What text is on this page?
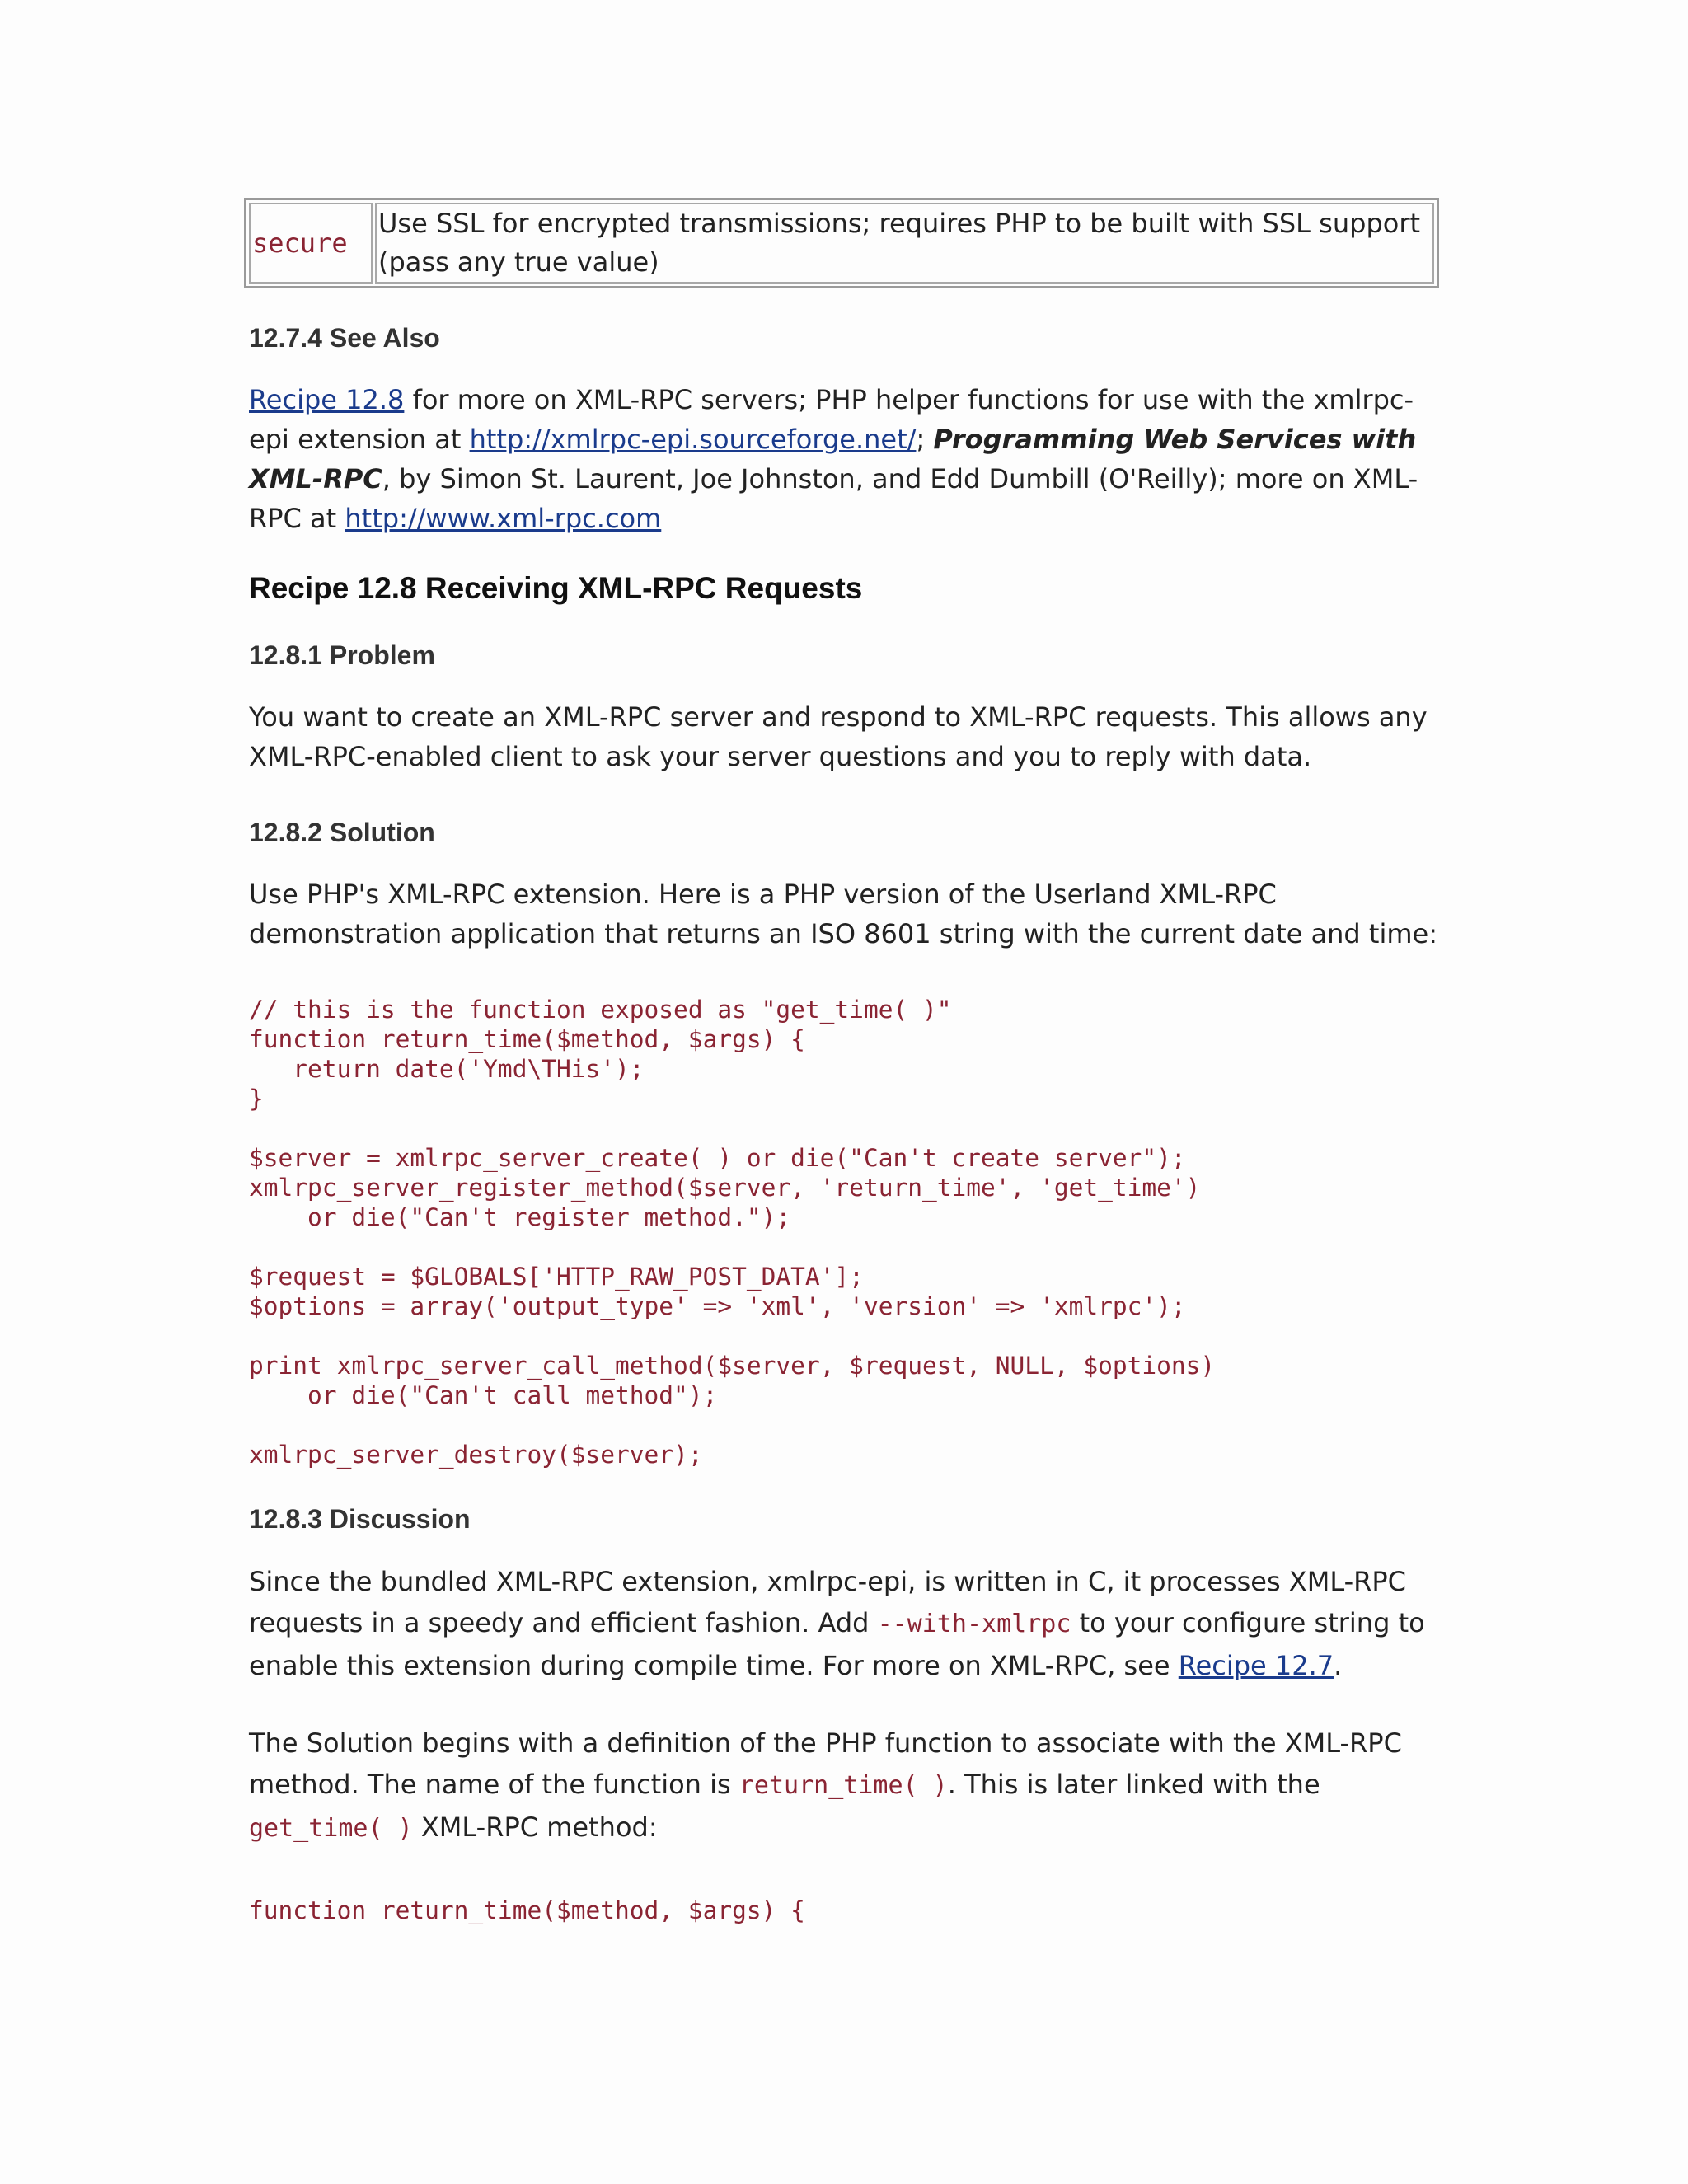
secure	Use SSL for encrypted transmissions; requires PHP to be built with SSL support
(pass any true value)
12.7.4 See Also

Recipe 12.8 for more on XML-RPC servers; PHP helper functions for use with the xmlrpc-epi extension at http://xmlrpc-epi.sourceforge.net/; Programming Web Services with XML-RPC, by Simon St. Laurent, Joe Johnston, and Edd Dumbill (O'Reilly); more on XML-RPC at http://www.xml-rpc.com

Recipe 12.8 Receiving XML-RPC Requests
12.8.1 Problem

You want to create an XML-RPC server and respond to XML-RPC requests. This allows any XML-RPC-enabled client to ask your server questions and you to reply with data.

12.8.2 Solution

Use PHP's XML-RPC extension. Here is a PHP version of the Userland XML-RPC demonstration application that returns an ISO 8601 string with the current date and time:

// this is the function exposed as "get_time( )"
function return_time($method, $args) {
return date('Ymd\THis');
}

$server = xmlrpc_server_create( ) or die("Can't create server");
xmlrpc_server_register_method($server, 'return_time', 'get_time')
or die("Can't register method.");

$request = $GLOBALS['HTTP_RAW_POST_DATA'];
$options = array('output_type' => 'xml', 'version' => 'xmlrpc');

print xmlrpc_server_call_method($server, $request, NULL, $options)
or die("Can't call method");

xmlrpc_server_destroy($server);
12.8.3 Discussion

Since the bundled XML-RPC extension, xmlrpc-epi, is written in C, it processes XML-RPC requests in a speedy and efficient fashion. Add --with-xmlrpc to your configure string to enable this extension during compile time. For more on XML-RPC, see Recipe 12.7.

The Solution begins with a definition of the PHP function to associate with the XML-RPC method. The name of the function is return_time( ). This is later linked with the get_time( ) XML-RPC method:

function return_time($method, $args) {
